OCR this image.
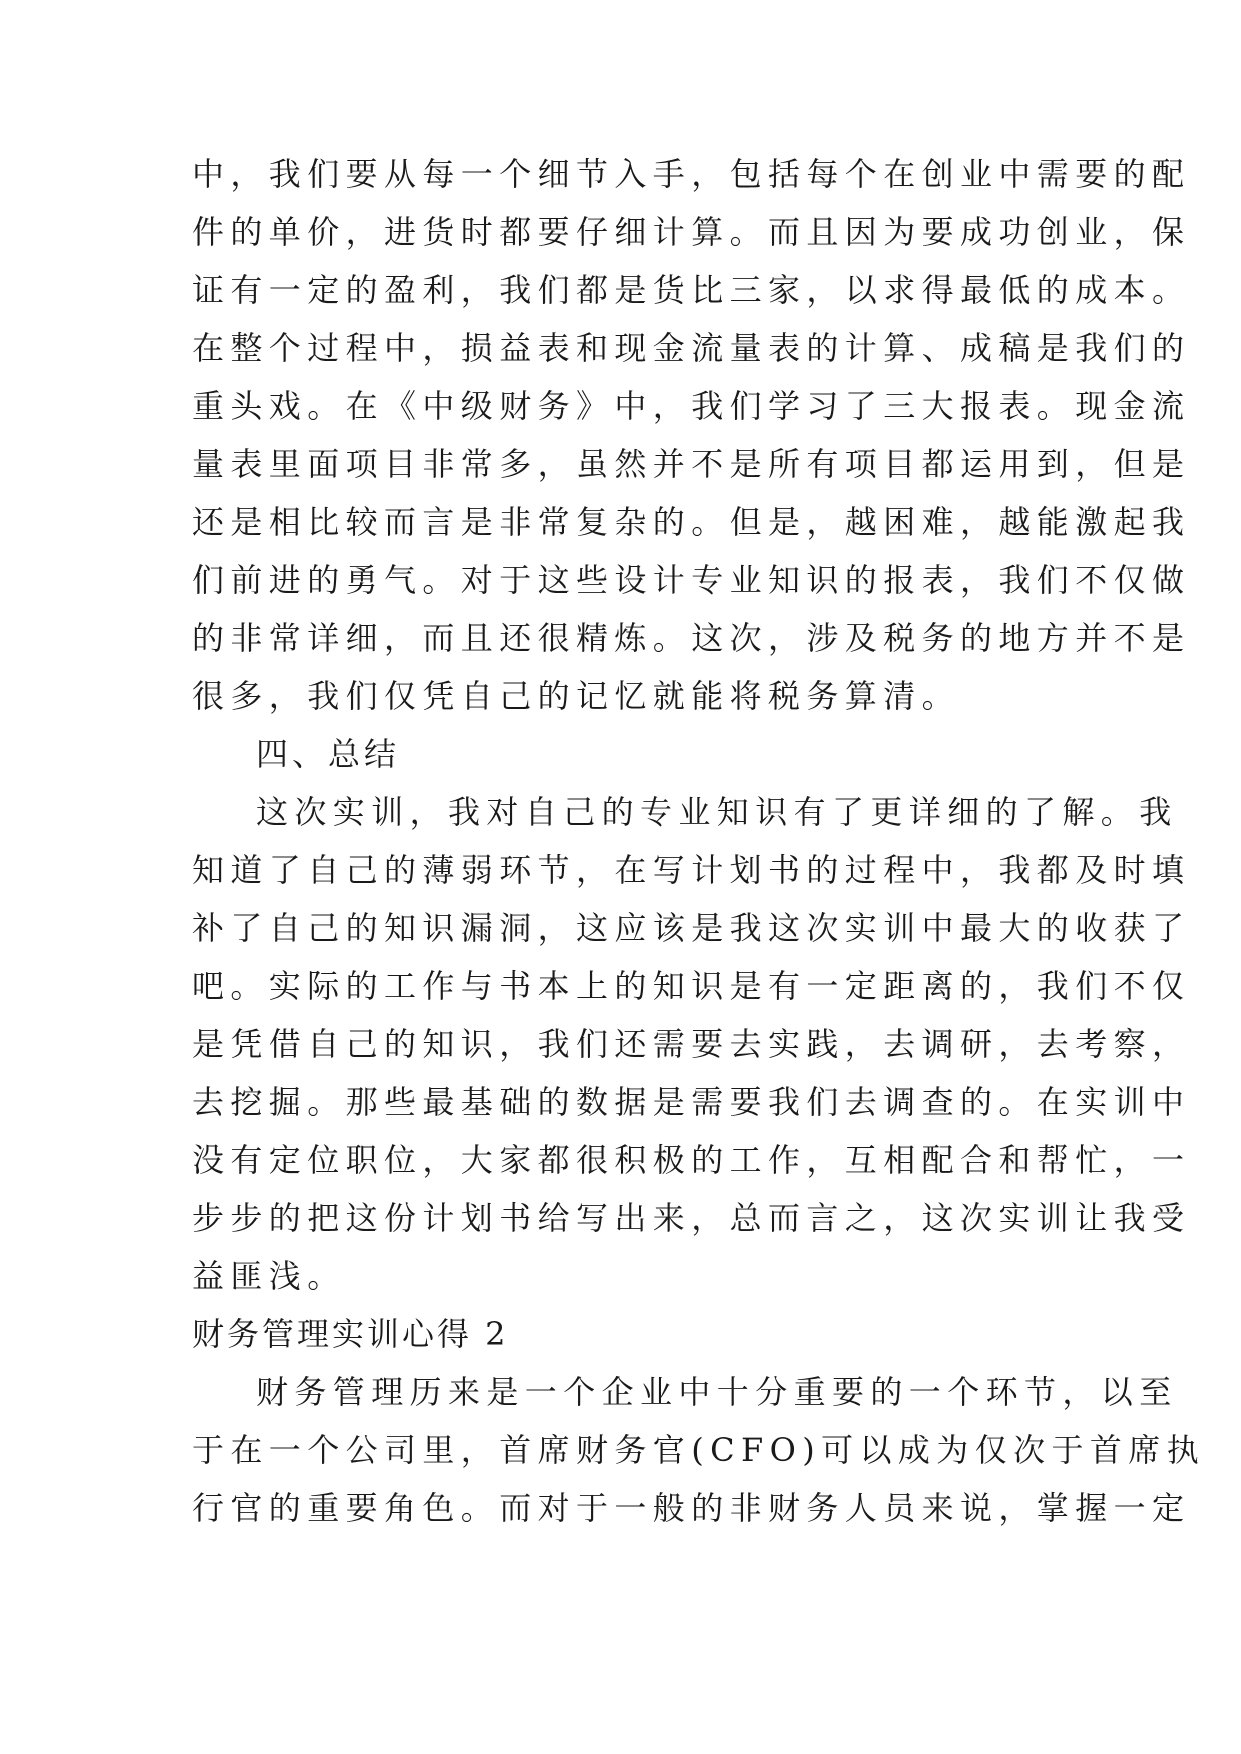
中，我们要从每一个细节入手，包括每个在创业中需要的配
件的单价，进货时都要仔细计算。而且因为要成功创业，保
证有一定的盈利，我们都是货比三家，以求得最低的成本。
在整个过程中，损益表和现金流量表的计算、成稿是我们的
重头戏。在《中级财务》中，我们学习了三大报表。现金流
量表里面项目非常多，虽然并不是所有项目都运用到，但是
还是相比较而言是非常复杂的。但是，越困难，越能激起我
们前进的勇气。对于这些设计专业知识的报表，我们不仅做
的非常详细，而且还很精炼。这次，涉及税务的地方并不是
很多，我们仅凭自己的记忆就能将税务算清。
四、总结
这次实训，我对自己的专业知识有了更详细的了解。我
知道了自己的薄弱环节，在写计划书的过程中，我都及时填
补了自己的知识漏洞，这应该是我这次实训中最大的收获了
吧。实际的工作与书本上的知识是有一定距离的，我们不仅
是凭借自己的知识，我们还需要去实践，去调研，去考察，
去挖掘。那些最基础的数据是需要我们去调查的。在实训中
没有定位职位，大家都很积极的工作，互相配合和帮忙，一
步步的把这份计划书给写出来，总而言之，这次实训让我受
益匪浅。
财务管理实训心得 2
财务管理历来是一个企业中十分重要的一个环节，以至
于在一个公司里，首席财务官(CFO)可以成为仅次于首席执
行官的重要角色。而对于一般的非财务人员来说，掌握一定
